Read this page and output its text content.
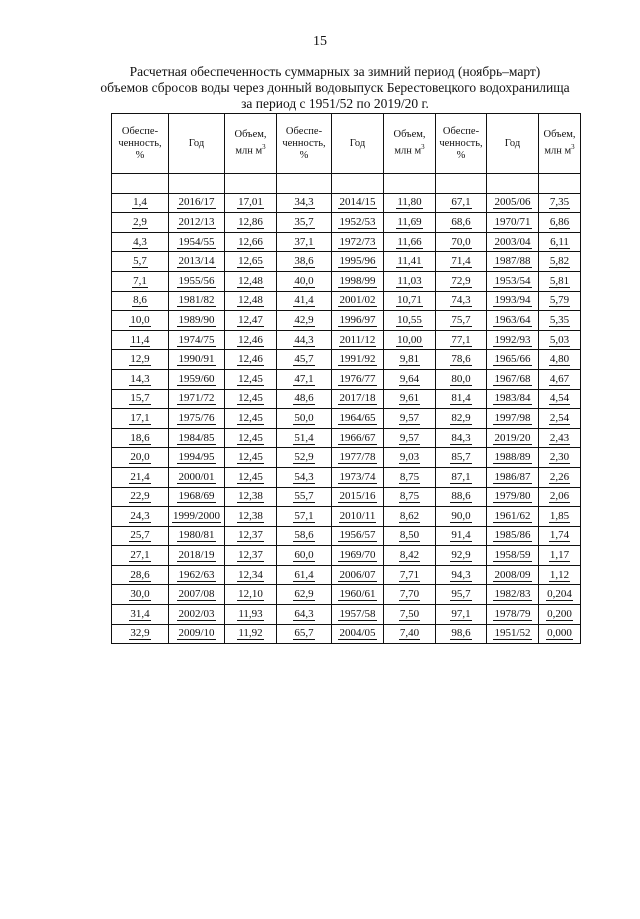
15
Расчетная обеспеченность суммарных за зимний период (ноябрь–март)
объемов сбросов воды через донный водовыпуск Берестовецкого водохранилища
за период с 1951/52 по 2019/20 г.
Обеспе-
ченность,
%	Год	Объем,
млн $м^3$	Обеспе-
ченность,
%	Год	Объем,
млн $м^3$	Обеспе-
ченность,
%	Год	Объем,
млн $м^3$

1,4	2016/17	17,01	34,3	2014/15	11,80	67,1	2005/06	7,35
2,9	2012/13	12,86	35,7	1952/53	11,69	68,6	1970/71	6,86
4,3	1954/55	12,66	37,1	1972/73	11,66	70,0	2003/04	6,11
5,7	2013/14	12,65	38,6	1995/96	11,41	71,4	1987/88	5,82
7,1	1955/56	12,48	40,0	1998/99	11,03	72,9	1953/54	5,81
8,6	1981/82	12,48	41,4	2001/02	10,71	74,3	1993/94	5,79
10,0	1989/90	12,47	42,9	1996/97	10,55	75,7	1963/64	5,35
11,4	1974/75	12,46	44,3	2011/12	10,00	77,1	1992/93	5,03
12,9	1990/91	12,46	45,7	1991/92	9,81	78,6	1965/66	4,80
14,3	1959/60	12,45	47,1	1976/77	9,64	80,0	1967/68	4,67
15,7	1971/72	12,45	48,6	2017/18	9,61	81,4	1983/84	4,54
17,1	1975/76	12,45	50,0	1964/65	9,57	82,9	1997/98	2,54
18,6	1984/85	12,45	51,4	1966/67	9,57	84,3	2019/20	2,43
20,0	1994/95	12,45	52,9	1977/78	9,03	85,7	1988/89	2,30
21,4	2000/01	12,45	54,3	1973/74	8,75	87,1	1986/87	2,26
22,9	1968/69	12,38	55,7	2015/16	8,75	88,6	1979/80	2,06
24,3	1999/2000	12,38	57,1	2010/11	8,62	90,0	1961/62	1,85
25,7	1980/81	12,37	58,6	1956/57	8,50	91,4	1985/86	1,74
27,1	2018/19	12,37	60,0	1969/70	8,42	92,9	1958/59	1,17
28,6	1962/63	12,34	61,4	2006/07	7,71	94,3	2008/09	1,12
30,0	2007/08	12,10	62,9	1960/61	7,70	95,7	1982/83	0,204
31,4	2002/03	11,93	64,3	1957/58	7,50	97,1	1978/79	0,200
32,9	2009/10	11,92	65,7	2004/05	7,40	98,6	1951/52	0,000
